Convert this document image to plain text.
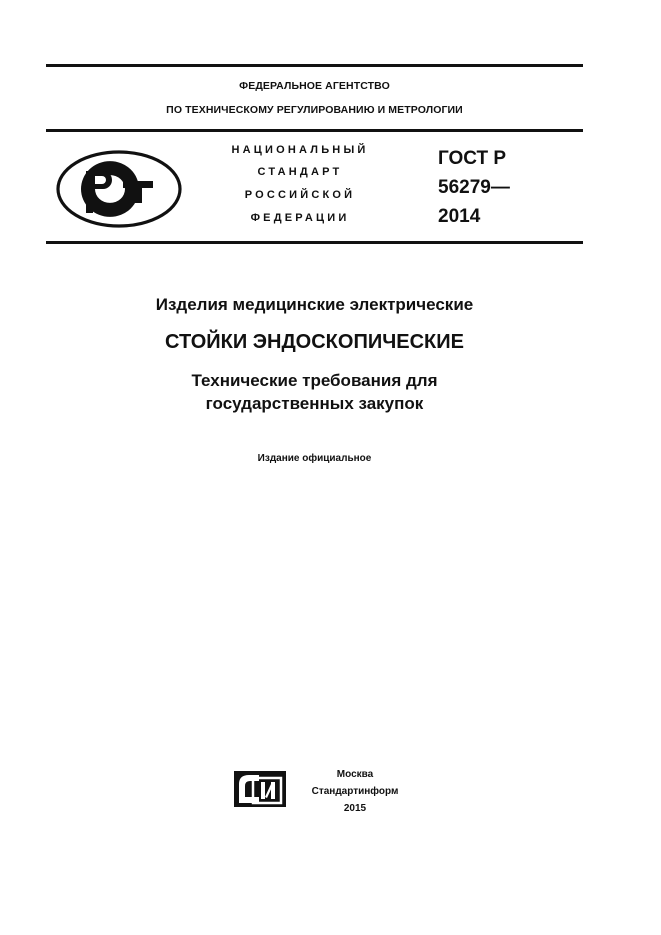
ФЕДЕРАЛЬНОЕ АГЕНТСТВО
ПО ТЕХНИЧЕСКОМУ РЕГУЛИРОВАНИЮ И МЕТРОЛОГИИ
НАЦИОНАЛЬНЫЙ
СТАНДАРТ
РОССИЙСКОЙ
ФЕДЕРАЦИИ
ГОСТ Р
56279—
2014
Изделия медицинские электрические
СТОЙКИ ЭНДОСКОПИЧЕСКИЕ
Технические требования для
государственных закупок
Издание официальное
Москва
Стандартинформ
2015
